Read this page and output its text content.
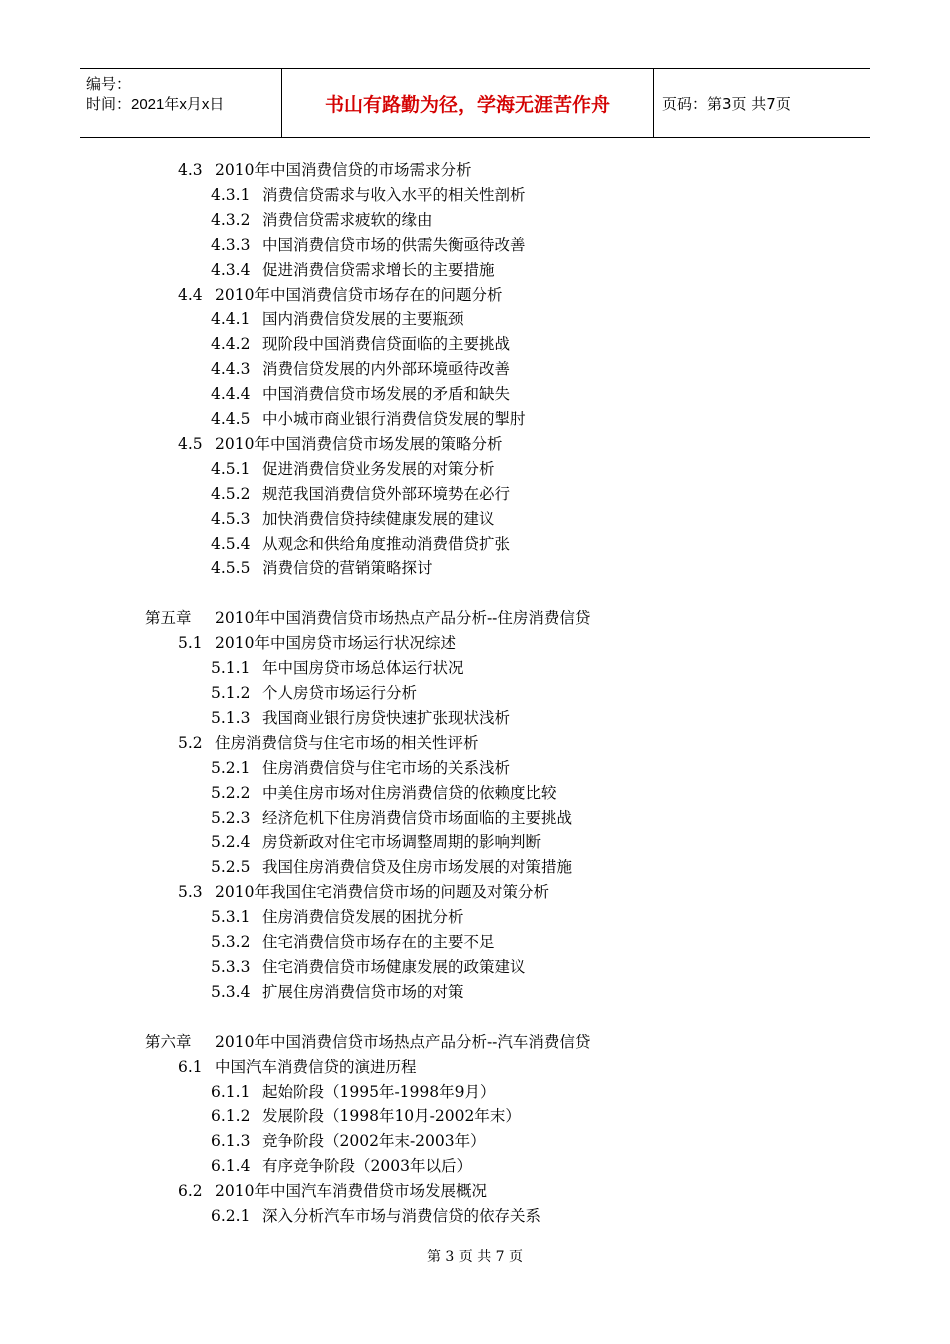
编号：
时间：2021年x月x日	书山有路勤为径，学海无涯苦作舟	页码：第3页 共7页
4.3 2010年中国消费信贷的市场需求分析
4.3.1 消费信贷需求与收入水平的相关性剖析
4.3.2 消费信贷需求疲软的缘由
4.3.3 中国消费信贷市场的供需失衡亟待改善
4.3.4 促进消费信贷需求增长的主要措施
4.4 2010年中国消费信贷市场存在的问题分析
4.4.1 国内消费信贷发展的主要瓶颈
4.4.2 现阶段中国消费信贷面临的主要挑战
4.4.3 消费信贷发展的内外部环境亟待改善
4.4.4 中国消费信贷市场发展的矛盾和缺失
4.4.5 中小城市商业银行消费信贷发展的掣肘
4.5 2010年中国消费信贷市场发展的策略分析
4.5.1 促进消费信贷业务发展的对策分析
4.5.2 规范我国消费信贷外部环境势在必行
4.5.3 加快消费信贷持续健康发展的建议
4.5.4 从观念和供给角度推动消费借贷扩张
4.5.5 消费信贷的营销策略探讨
第五章 2010年中国消费信贷市场热点产品分析--住房消费信贷
5.1 2010年中国房贷市场运行状况综述
5.1.1 年中国房贷市场总体运行状况
5.1.2 个人房贷市场运行分析
5.1.3 我国商业银行房贷快速扩张现状浅析
5.2 住房消费信贷与住宅市场的相关性评析
5.2.1 住房消费信贷与住宅市场的关系浅析
5.2.2 中美住房市场对住房消费信贷的依赖度比较
5.2.3 经济危机下住房消费信贷市场面临的主要挑战
5.2.4 房贷新政对住宅市场调整周期的影响判断
5.2.5 我国住房消费信贷及住房市场发展的对策措施
5.3 2010年我国住宅消费信贷市场的问题及对策分析
5.3.1 住房消费信贷发展的困扰分析
5.3.2 住宅消费信贷市场存在的主要不足
5.3.3 住宅消费信贷市场健康发展的政策建议
5.3.4 扩展住房消费信贷市场的对策
第六章 2010年中国消费信贷市场热点产品分析--汽车消费信贷
6.1 中国汽车消费信贷的演进历程
6.1.1 起始阶段（1995年-1998年9月）
6.1.2 发展阶段（1998年10月-2002年末）
6.1.3 竞争阶段（2002年末-2003年）
6.1.4 有序竞争阶段（2003年以后）
6.2 2010年中国汽车消费借贷市场发展概况
6.2.1 深入分析汽车市场与消费信贷的依存关系
第 3 页 共 7 页
